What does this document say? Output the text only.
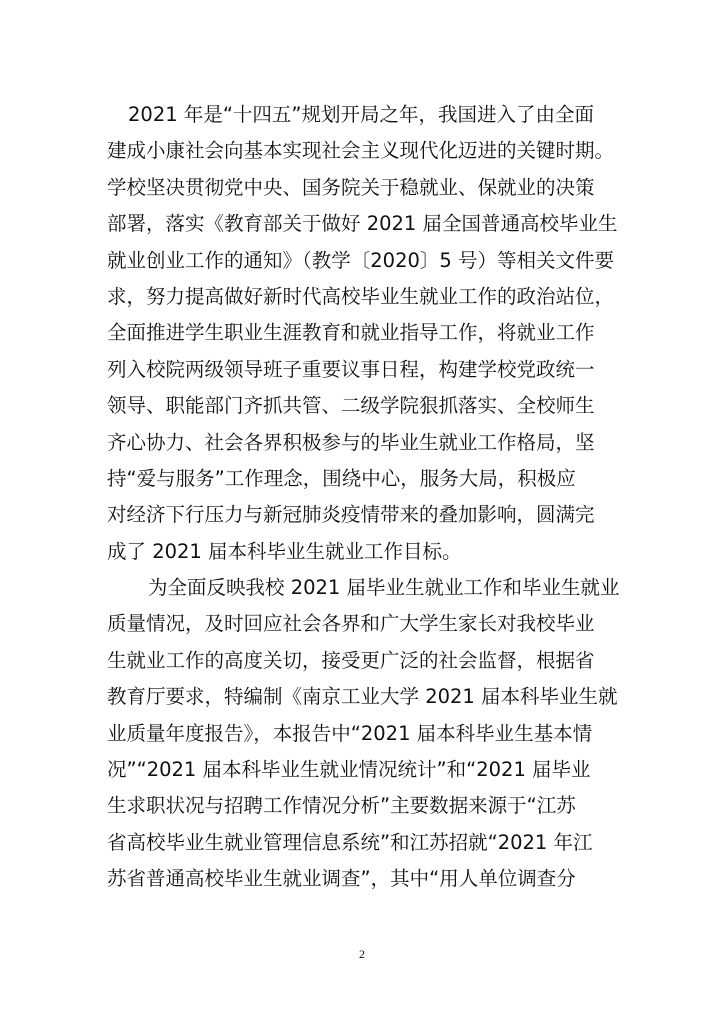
2021 年是“十四五”规划开局之年，我国进入了由全面
建成小康社会向基本实现社会主义现代化迈进的关键时期。
学校坚决贯彻党中央、国务院关于稳就业、保就业的决策
部署，落实《教育部关于做好 2021 届全国普通高校毕业生
就业创业工作的通知》（教学〔2020〕5 号）等相关文件要
求，努力提高做好新时代高校毕业生就业工作的政治站位，
全面推进学生职业生涯教育和就业指导工作，将就业工作
列入校院两级领导班子重要议事日程，构建学校党政统一
领导、职能部门齐抓共管、二级学院狠抓落实、全校师生
齐心协力、社会各界积极参与的毕业生就业工作格局，坚
持“爱与服务”工作理念，围绕中心，服务大局，积极应
对经济下行压力与新冠肺炎疫情带来的叠加影响，圆满完
成了 2021 届本科毕业生就业工作目标。
为全面反映我校 2021 届毕业生就业工作和毕业生就业
质量情况，及时回应社会各界和广大学生家长对我校毕业
生就业工作的高度关切，接受更广泛的社会监督，根据省
教育厅要求，特编制《南京工业大学 2021 届本科毕业生就
业质量年度报告》，本报告中“2021 届本科毕业生基本情
况”“2021 届本科毕业生就业情况统计”和“2021 届毕业
生求职状况与招聘工作情况分析”主要数据来源于“江苏
省高校毕业生就业管理信息系统”和江苏招就“2021 年江
苏省普通高校毕业生就业调查”，其中“用人单位调查分
2
